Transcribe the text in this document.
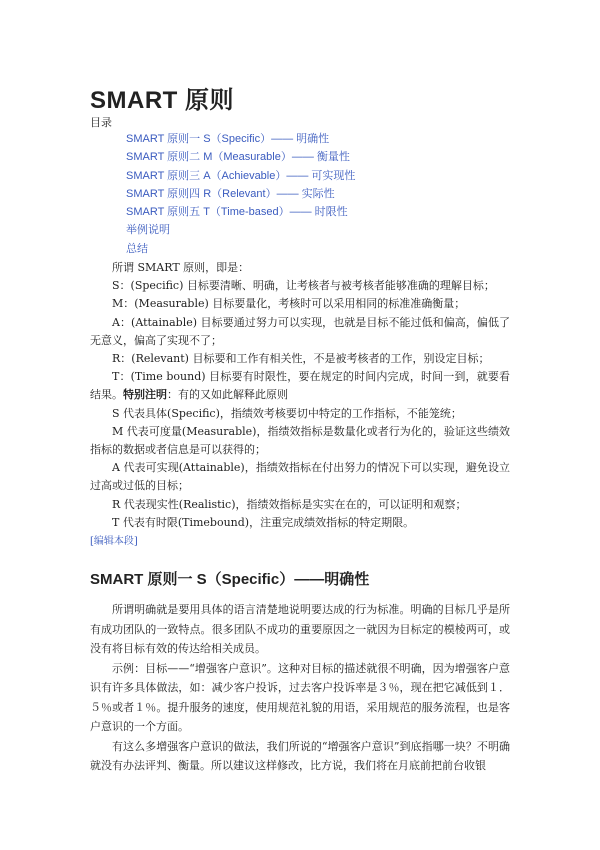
SMART 原则
目录
SMART 原则一 S（Specific）—— 明确性
SMART 原则二 M（Measurable）—— 衡量性
SMART 原则三 A（Achievable）—— 可实现性
SMART 原则四 R（Relevant）—— 实际性
SMART 原则五 T（Time-based）—— 时限性
举例说明
总结

所谓 SMART 原则，即是：

S：(Specific) 目标要清晰、明确，让考核者与被考核者能够准确的理解目标；

M：(Measurable) 目标要量化，考核时可以采用相同的标准准确衡量；

A：(Attainable) 目标要通过努力可以实现，也就是目标不能过低和偏高，偏低了无意义，偏高了实现不了；

R：(Relevant) 目标要和工作有相关性，不是被考核者的工作，别设定目标；

T：(Time bound) 目标要有时限性，要在规定的时间内完成，时间一到，就要看结果。特别注明：有的又如此解释此原则

S 代表具体(Specific)，指绩效考核要切中特定的工作指标，不能笼统；

M 代表可度量(Measurable)，指绩效指标是数量化或者行为化的，验证这些绩效指标的数据或者信息是可以获得的；

A 代表可实现(Attainable)，指绩效指标在付出努力的情况下可以实现，避免设立过高或过低的目标；

R 代表现实性(Realistic)，指绩效指标是实实在在的，可以证明和观察；

T 代表有时限(Timebound)，注重完成绩效指标的特定期限。

[编辑本段]
SMART 原则一 S（Specific）——明确性

所谓明确就是要用具体的语言清楚地说明要达成的行为标准。明确的目标几乎是所有成功团队的一致特点。很多团队不成功的重要原因之一就因为目标定的模棱两可，或没有将目标有效的传达给相关成员。

示例：目标——“增强客户意识”。这种对目标的描述就很不明确，因为增强客户意识有许多具体做法，如：减少客户投诉，过去客户投诉率是３％，现在把它减低到１．５％或者１％。提升服务的速度，使用规范礼貌的用语，采用规范的服务流程，也是客户意识的一个方面。

有这么多增强客户意识的做法，我们所说的“增强客户意识”到底指哪一块？不明确就没有办法评判、衡量。所以建议这样修改，比方说，我们将在月底前把前台收银
